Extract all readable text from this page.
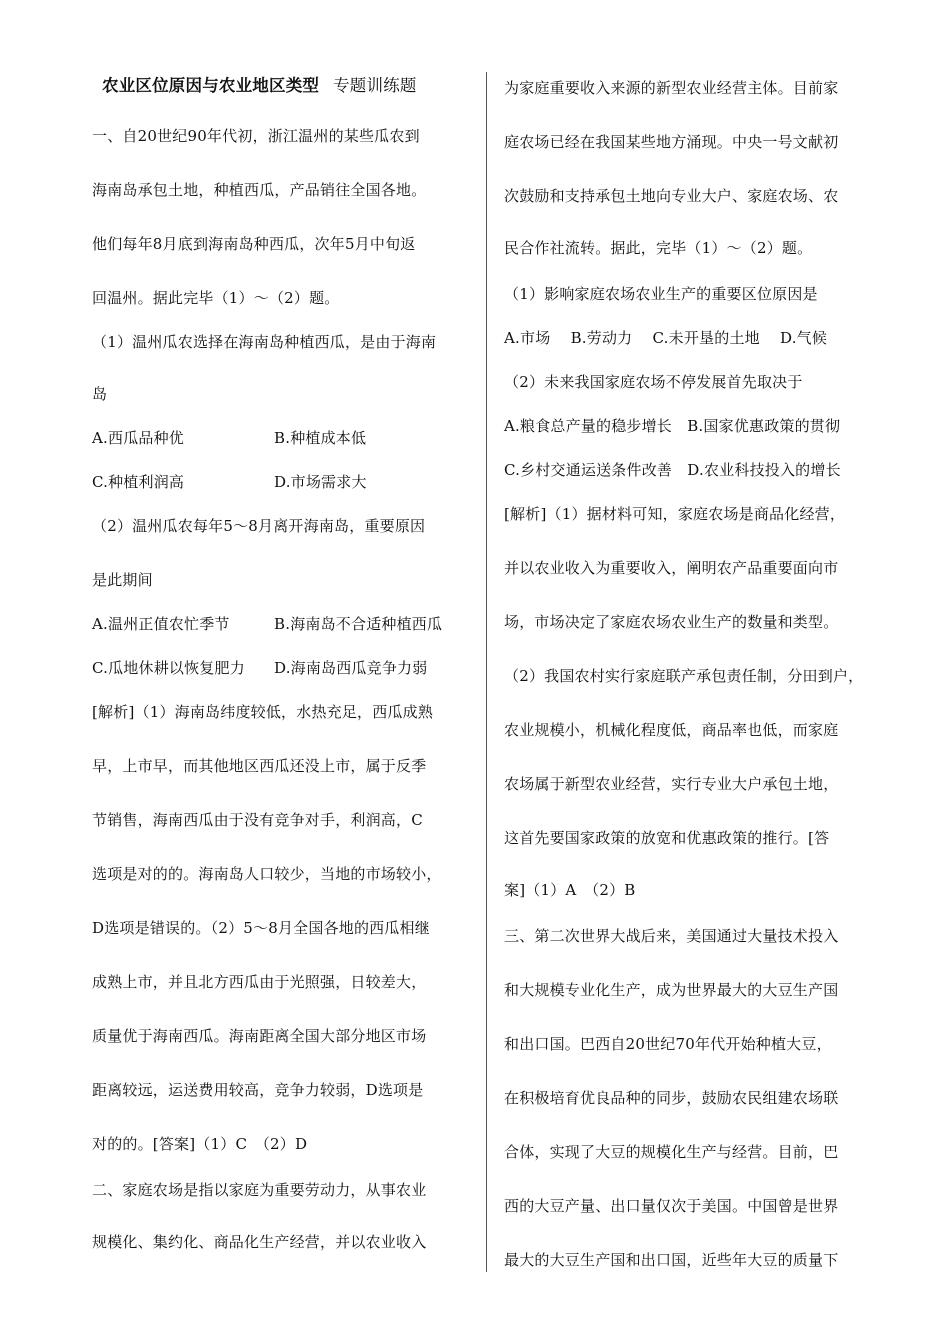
农业区位原因与农业地区类型 专题训练题
一、自20世纪90年代初，浙江温州的某些瓜农到
海南岛承包土地，种植西瓜，产品销往全国各地。
他们每年8月底到海南岛种西瓜，次年5月中旬返
回温州。据此完毕（1）～（2）题。
（1）温州瓜农选择在海南岛种植西瓜，是由于海南
岛
A.西瓜品种优	B.种植成本低
C.种植利润高	D.市场需求大
（2）温州瓜农每年5～8月离开海南岛，重要原因
是此期间
A.温州正值农忙季节	B.海南岛不合适种植西瓜
C.瓜地休耕以恢复肥力 D.海南岛西瓜竞争力弱
[解析]（1）海南岛纬度较低，水热充足，西瓜成熟
早，上市早，而其他地区西瓜还没上市，属于反季
节销售，海南西瓜由于没有竞争对手，利润高，C
选项是对的的。海南岛人口较少，当地的市场较小，
D选项是错误的。（2）5～8月全国各地的西瓜相继
成熟上市，并且北方西瓜由于光照强，日较差大，
质量优于海南西瓜。海南距离全国大部分地区市场
距离较远，运送费用较高，竞争力较弱，D选项是
对的的。[答案]（1）C　（2）D
二、家庭农场是指以家庭为重要劳动力，从事农业
规模化、集约化、商品化生产经营，并以农业收入
为家庭重要收入来源的新型农业经营主体。目前家
庭农场已经在我国某些地方涌现。中央一号文献初
次鼓励和支持承包土地向专业大户、家庭农场、农
民合作社流转。据此，完毕（1）～（2）题。
（1）影响家庭农场农业生产的重要区位原因是
A.市场　 B.劳动力　 C.未开垦的土地　 D.气候
（2）未来我国家庭农场不停发展首先取决于
A.粮食总产量的稳步增长　B.国家优惠政策的贯彻
C.乡村交通运送条件改善　D.农业科技投入的增长
[解析]（1）据材料可知，家庭农场是商品化经营，
并以农业收入为重要收入，阐明农产品重要面向市
场，市场决定了家庭农场农业生产的数量和类型。
（2）我国农村实行家庭联产承包责任制，分田到户，
农业规模小，机械化程度低，商品率也低，而家庭
农场属于新型农业经营，实行专业大户承包土地，
这首先要国家政策的放宽和优惠政策的推行。[答
案]（1）A　（2）B
三、第二次世界大战后来，美国通过大量技术投入
和大规模专业化生产，成为世界最大的大豆生产国
和出口国。巴西自20世纪70年代开始种植大豆，
在积极培育优良品种的同步，鼓励农民组建农场联
合体，实现了大豆的规模化生产与经营。目前，巴
西的大豆产量、出口量仅次于美国。中国曾是世界
最大的大豆生产国和出口国，近些年大豆的质量下
